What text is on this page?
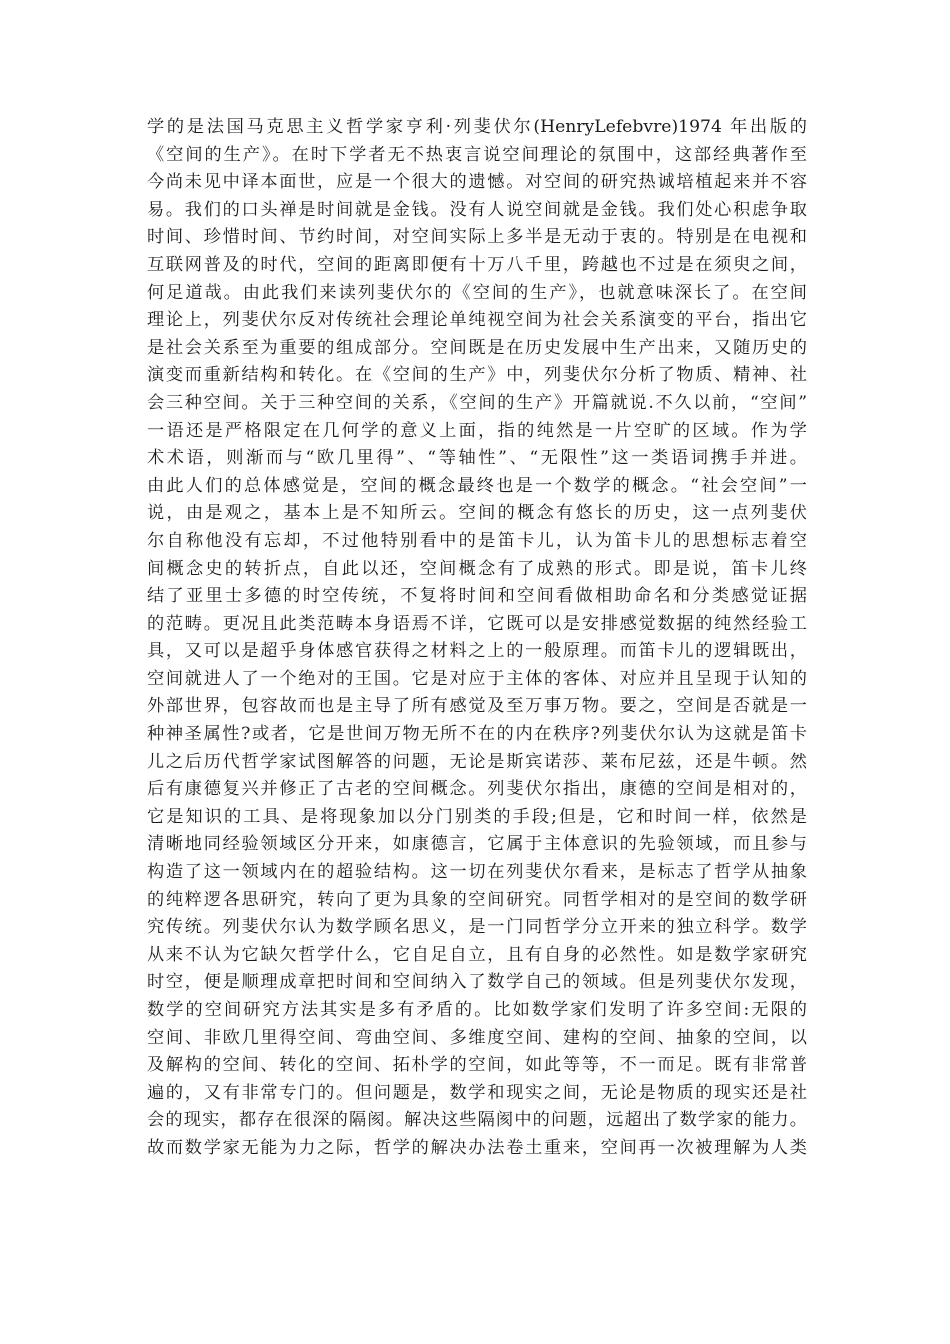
学的是法国马克思主义哲学家亨利·列斐伏尔(HenryLefebvre)1974 年出版的
《空间的生产》。在时下学者无不热衷言说空间理论的氛围中，这部经典著作至
今尚未见中译本面世，应是一个很大的遗憾。对空间的研究热诚培植起来并不容
易。我们的口头禅是时间就是金钱。没有人说空间就是金钱。我们处心积虑争取
时间、珍惜时间、节约时间，对空间实际上多半是无动于衷的。特别是在电视和
互联网普及的时代，空间的距离即便有十万八千里，跨越也不过是在须臾之间，
何足道哉。由此我们来读列斐伏尔的《空间的生产》，也就意味深长了。在空间
理论上，列斐伏尔反对传统社会理论单纯视空间为社会关系演变的平台，指出它
是社会关系至为重要的组成部分。空间既是在历史发展中生产出来，又随历史的
演变而重新结构和转化。在《空间的生产》中，列斐伏尔分析了物质、精神、社
会三种空间。关于三种空间的关系，《空间的生产》开篇就说.不久以前，“空间”
一语还是严格限定在几何学的意义上面，指的纯然是一片空旷的区域。作为学
术术语，则渐而与“欧几里得”、“等轴性”、“无限性”这一类语词携手并进。
由此人们的总体感觉是，空间的概念最终也是一个数学的概念。“社会空间”一
说，由是观之，基本上是不知所云。空间的概念有悠长的历史，这一点列斐伏
尔自称他没有忘却，不过他特别看中的是笛卡儿，认为笛卡儿的思想标志着空
间概念史的转折点，自此以还，空间概念有了成熟的形式。即是说，笛卡儿终
结了亚里士多德的时空传统，不复将时间和空间看做相助命名和分类感觉证据
的范畴。更况且此类范畴本身语焉不详，它既可以是安排感觉数据的纯然经验工
具，又可以是超乎身体感官获得之材料之上的一般原理。而笛卡儿的逻辑既出，
空间就进人了一个绝对的王国。它是对应于主体的客体、对应并且呈现于认知的
外部世界，包容故而也是主导了所有感觉及至万事万物。要之，空间是否就是一
种神圣属性?或者，它是世间万物无所不在的内在秩序?列斐伏尔认为这就是笛卡
儿之后历代哲学家试图解答的问题，无论是斯宾诺莎、莱布尼兹，还是牛顿。然
后有康德复兴并修正了古老的空间概念。列斐伏尔指出，康德的空间是相对的，
它是知识的工具、是将现象加以分门别类的手段;但是，它和时间一样，依然是
清晰地同经验领域区分开来，如康德言，它属于主体意识的先验领域，而且参与
构造了这一领域内在的超验结构。这一切在列斐伏尔看来，是标志了哲学从抽象
的纯粹逻各思研究，转向了更为具象的空间研究。同哲学相对的是空间的数学研
究传统。列斐伏尔认为数学顾名思义，是一门同哲学分立开来的独立科学。数学
从来不认为它缺欠哲学什么，它自足自立，且有自身的必然性。如是数学家研究
时空，便是顺理成章把时间和空间纳入了数学自己的领域。但是列斐伏尔发现，
数学的空间研究方法其实是多有矛盾的。比如数学家们发明了许多空间:无限的
空间、非欧几里得空间、弯曲空间、多维度空间、建构的空间、抽象的空间，以
及解构的空间、转化的空间、拓朴学的空间，如此等等，不一而足。既有非常普
遍的，又有非常专门的。但问题是，数学和现实之间，无论是物质的现实还是社
会的现实，都存在很深的隔阂。解决这些隔阂中的问题，远超出了数学家的能力。
故而数学家无能为力之际，哲学的解决办法卷土重来，空间再一次被理解为人类
